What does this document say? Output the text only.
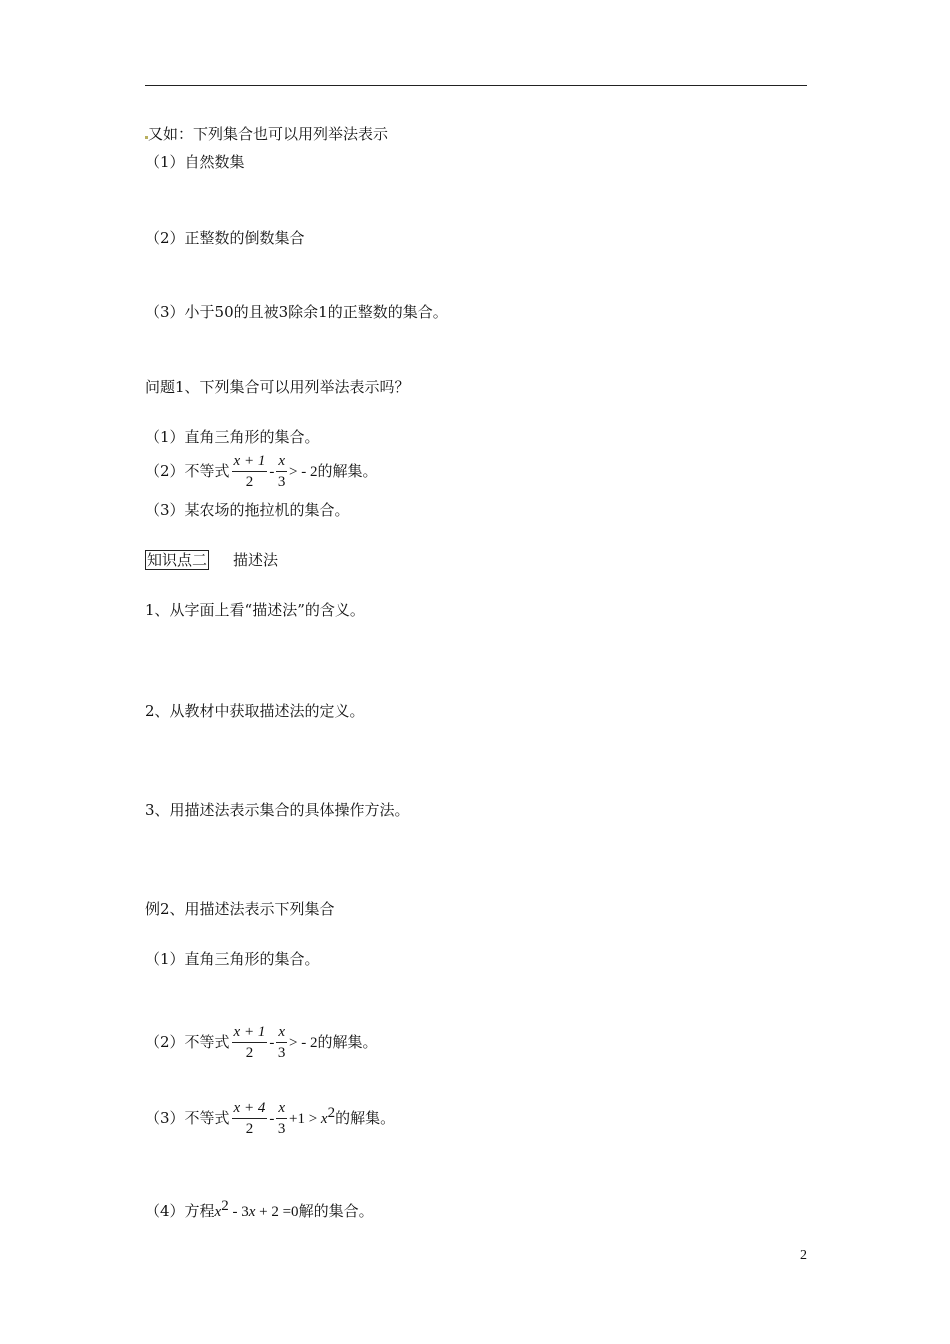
又如：下列集合也可以用列举法表示
（1）自然数集
（2）正整数的倒数集合
（3）小于50的且被3除余1的正整数的集合。
问题1、下列集合可以用列举法表示吗？
（1）直角三角形的集合。
（2）不等式 $\frac{x + 1}{2} - \frac{x}{3}$ > - 2的解集。
（3）某农场的拖拉机的集合。
知识点二 描述法
1、从字面上看“描述法”的含义。
2、从教材中获取描述法的定义。
3、用描述法表示集合的具体操作方法。
例2、用描述法表示下列集合
（1）直角三角形的集合。
（2）不等式 $\frac{x + 1}{2} - \frac{x}{3}$ > - 2的解集。
（3）不等式 $\frac{x + 4}{2} - \frac{x}{3} +1 > x^2$的解集。
（4）方程$x^2 - 3x + 2 =0$解的集合。
2
